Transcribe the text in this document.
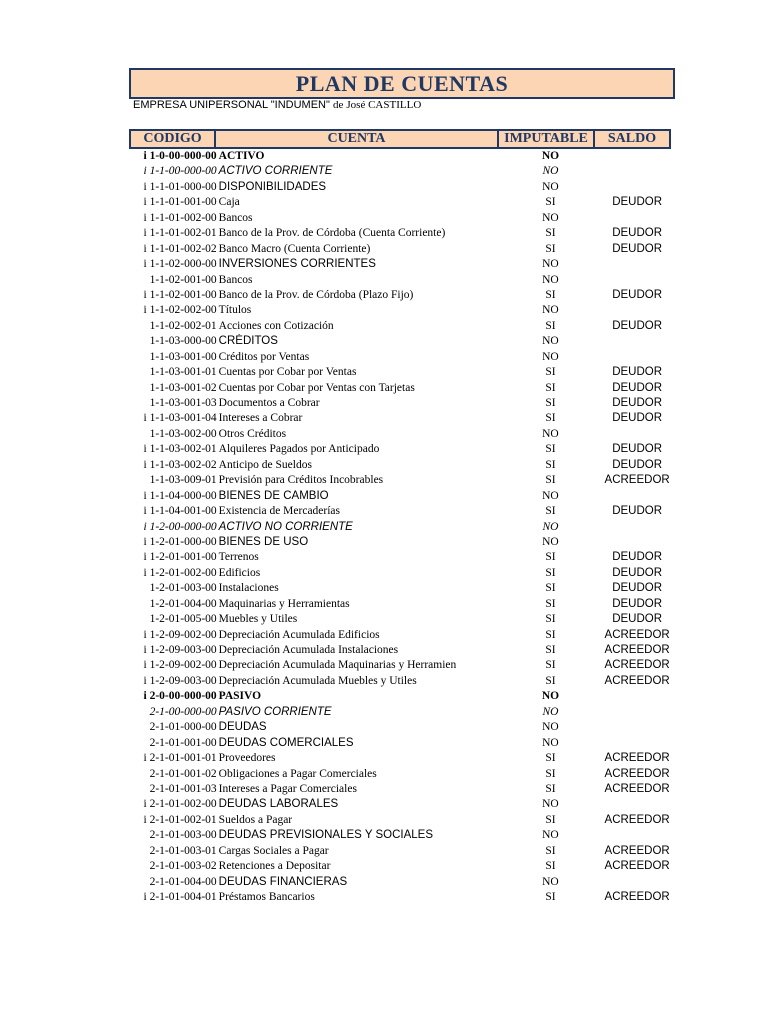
PLAN DE CUENTAS
EMPRESA UNIPERSONAL "INDUMEN" de José CASTILLO
CODIGO	CUENTA	IMPUTABLE	SALDO
i 1-0-00-000-00 ACTIVO	NO
i 1-1-00-000-00 ACTIVO CORRIENTE	NO
i 1-1-01-000-00 DISPONIBILIDADES	NO
i 1-1-01-001-00 Caja	SI	DEUDOR
i 1-1-01-002-00 Bancos	NO
i 1-1-01-002-01 Banco de la Prov. de Córdoba (Cuenta Corriente)	SI	DEUDOR
i 1-1-01-002-02 Banco Macro (Cuenta Corriente)	SI	DEUDOR
i 1-1-02-000-00 INVERSIONES CORRIENTES	NO
1-1-02-001-00 Bancos	NO
i 1-1-02-001-00 Banco de la Prov. de Córdoba (Plazo Fijo)	SI	DEUDOR
i 1-1-02-002-00 Títulos	NO
1-1-02-002-01 Acciones con Cotización	SI	DEUDOR
1-1-03-000-00 CRÉDITOS	NO
1-1-03-001-00 Créditos por Ventas	NO
1-1-03-001-01 Cuentas por Cobar por Ventas	SI	DEUDOR
1-1-03-001-02 Cuentas por Cobar por Ventas con Tarjetas	SI	DEUDOR
1-1-03-001-03 Documentos a Cobrar	SI	DEUDOR
i 1-1-03-001-04 Intereses a Cobrar	SI	DEUDOR
1-1-03-002-00 Otros Créditos	NO
i 1-1-03-002-01 Alquileres Pagados por Anticipado	SI	DEUDOR
i 1-1-03-002-02 Anticipo de Sueldos	SI	DEUDOR
1-1-03-009-01 Previsión para Créditos Incobrables	SI	ACREEDOR
i 1-1-04-000-00 BIENES DE CAMBIO	NO
i 1-1-04-001-00 Existencia de Mercaderías	SI	DEUDOR
i 1-2-00-000-00 ACTIVO NO CORRIENTE	NO
i 1-2-01-000-00 BIENES DE USO	NO
i 1-2-01-001-00 Terrenos	SI	DEUDOR
i 1-2-01-002-00 Edificios	SI	DEUDOR
1-2-01-003-00 Instalaciones	SI	DEUDOR
1-2-01-004-00 Maquinarias y Herramientas	SI	DEUDOR
1-2-01-005-00 Muebles y Utiles	SI	DEUDOR
i 1-2-09-002-00 Depreciación Acumulada Edificios	SI	ACREEDOR
i 1-2-09-003-00 Depreciación Acumulada Instalaciones	SI	ACREEDOR
i 1-2-09-002-00 Depreciación Acumulada Maquinarias y Herramien	SI	ACREEDOR
i 1-2-09-003-00 Depreciación Acumulada Muebles y Utiles	SI	ACREEDOR
i 2-0-00-000-00 PASIVO	NO
2-1-00-000-00 PASIVO CORRIENTE	NO
2-1-01-000-00 DEUDAS	NO
2-1-01-001-00 DEUDAS COMERCIALES	NO
i 2-1-01-001-01 Proveedores	SI	ACREEDOR
2-1-01-001-02 Obligaciones a Pagar Comerciales	SI	ACREEDOR
2-1-01-001-03 Intereses a Pagar Comerciales	SI	ACREEDOR
i 2-1-01-002-00 DEUDAS LABORALES	NO
i 2-1-01-002-01 Sueldos a Pagar	SI	ACREEDOR
2-1-01-003-00 DEUDAS PREVISIONALES Y SOCIALES	NO
2-1-01-003-01 Cargas Sociales a Pagar	SI	ACREEDOR
2-1-01-003-02 Retenciones a Depositar	SI	ACREEDOR
2-1-01-004-00 DEUDAS FINANCIERAS	NO
i 2-1-01-004-01 Préstamos Bancarios	SI	ACREEDOR
